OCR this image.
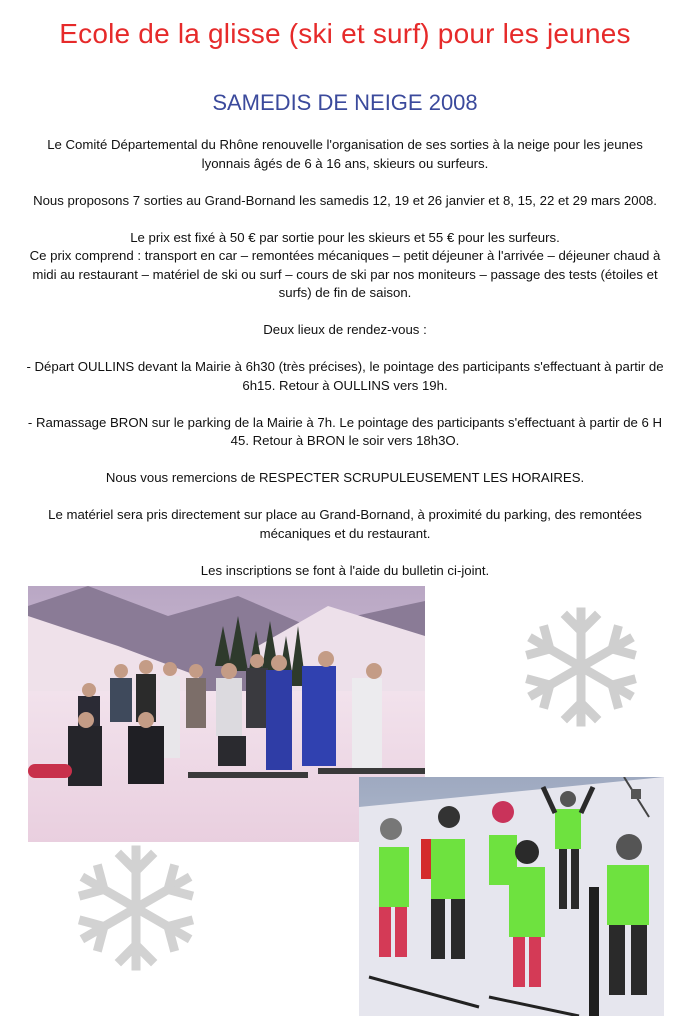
Ecole de la glisse (ski et surf) pour les jeunes
SAMEDIS DE NEIGE 2008

Le Comité Départemental du Rhône renouvelle l'organisation de ses sorties à la neige pour les jeunes lyonnais âgés de 6 à 16 ans, skieurs ou surfeurs.

Nous proposons 7 sorties au Grand-Bornand les samedis 12, 19 et 26 janvier et 8, 15, 22 et 29 mars 2008.

Le prix est fixé à 50 € par sortie pour les skieurs et 55 € pour les surfeurs.
Ce prix comprend : transport en car – remontées mécaniques – petit déjeuner à l'arrivée – déjeuner chaud à midi au restaurant – matériel de ski ou surf – cours de ski par nos moniteurs – passage des tests (étoiles et surfs) de fin de saison.

Deux lieux de rendez-vous :

- Départ OULLINS devant la Mairie à 6h30 (très précises), le pointage des participants s'effectuant à partir de 6h15. Retour à OULLINS vers 19h.

- Ramassage BRON sur le parking de la Mairie à 7h. Le pointage des participants s'effectuant à partir de 6 H 45. Retour à BRON le soir vers 18h3O.

Nous vous remercions de RESPECTER SCRUPULEUSEMENT LES HORAIRES.

Le matériel sera pris directement sur place au Grand-Bornand, à proximité du parking, des remontées mécaniques et du restaurant.

Les inscriptions se font à l'aide du bulletin ci-joint.
